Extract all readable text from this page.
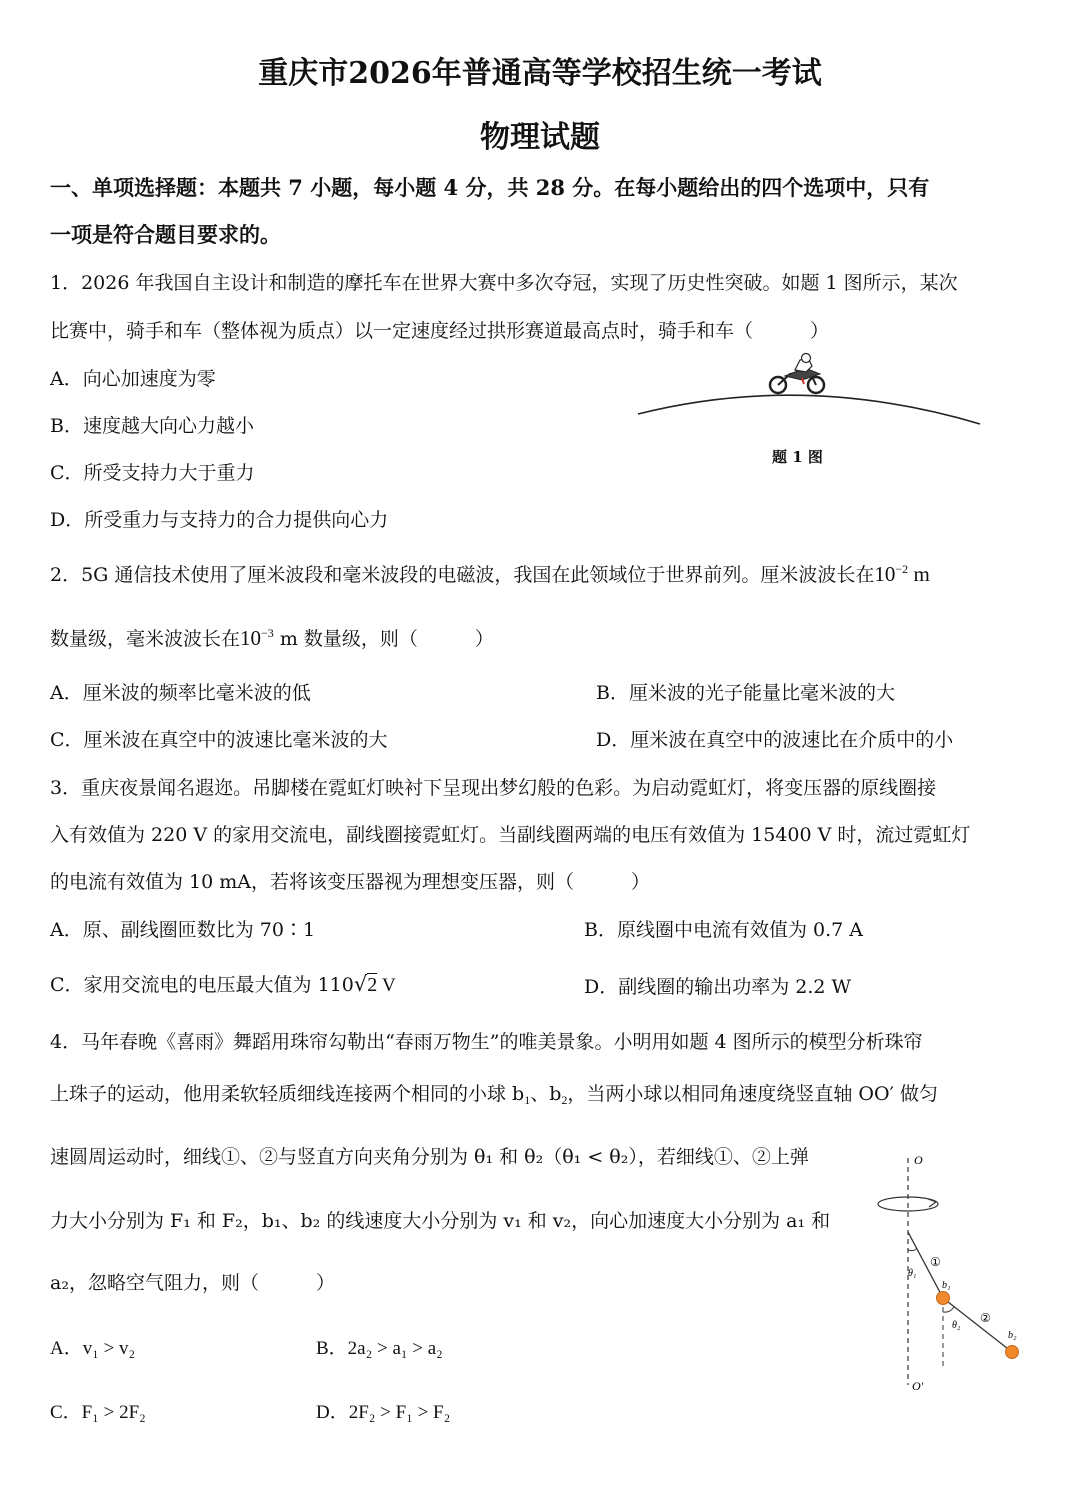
重庆市2026年普通高等学校招生统一考试
物理试题
一、单项选择题：本题共 7 小题，每小题 4 分，共 28 分。在每小题给出的四个选项中，只有
一项是符合题目要求的。
1．2026 年我国自主设计和制造的摩托车在世界大赛中多次夺冠，实现了历史性突破。如题 1 图所示，某次
比赛中，骑手和车（整体视为质点）以一定速度经过拱形赛道最高点时，骑手和车（　　　）
A．向心加速度为零
B．速度越大向心力越小
C．所受支持力大于重力
D．所受重力与支持力的合力提供向心力
题 1 图
2．5G 通信技术使用了厘米波段和毫米波段的电磁波，我国在此领域位于世界前列。厘米波波长在$10^{-2}$ m
数量级，毫米波波长在$10^{-3}$ m 数量级，则（　　　）
A．厘米波的频率比毫米波的低	B．厘米波的光子能量比毫米波的大
C．厘米波在真空中的波速比毫米波的大	D．厘米波在真空中的波速比在介质中的小
3．重庆夜景闻名遐迩。吊脚楼在霓虹灯映衬下呈现出梦幻般的色彩。为启动霓虹灯，将变压器的原线圈接
入有效值为 220 V 的家用交流电，副线圈接霓虹灯。当副线圈两端的电压有效值为 15400 V 时，流过霓虹灯
的电流有效值为 10 mA，若将该变压器视为理想变压器，则（　　　）
A．原、副线圈匝数比为 70∶1	B．原线圈中电流有效值为 0.7 A
C．家用交流电的电压最大值为 110√2 V	D．副线圈的输出功率为 2.2 W
4．马年春晚《喜雨》舞蹈用珠帘勾勒出“春雨万物生”的唯美景象。小明用如题 4 图所示的模型分析珠帘
上珠子的运动，他用柔软轻质细线连接两个相同的小球 $b_1$、$b_2$，当两小球以相同角速度绕竖直轴 OO′ 做匀
速圆周运动时，细线①、②与竖直方向夹角分别为 θ₁ 和 θ₂（θ₁ < θ₂），若细线①、②上弹
力大小分别为 F₁ 和 F₂，b₁、b₂ 的线速度大小分别为 v₁ 和 v₂，向心加速度大小分别为 a₁ 和
a₂，忽略空气阻力，则（　　　）
A．v₁ > v₂	B．2a₂ > a₁ > a₂
C．F₁ > 2F₂	D．2F₂ > F₁ > F₂
O
O′
θ₁
θ₂
b₁
b₂
①
②
